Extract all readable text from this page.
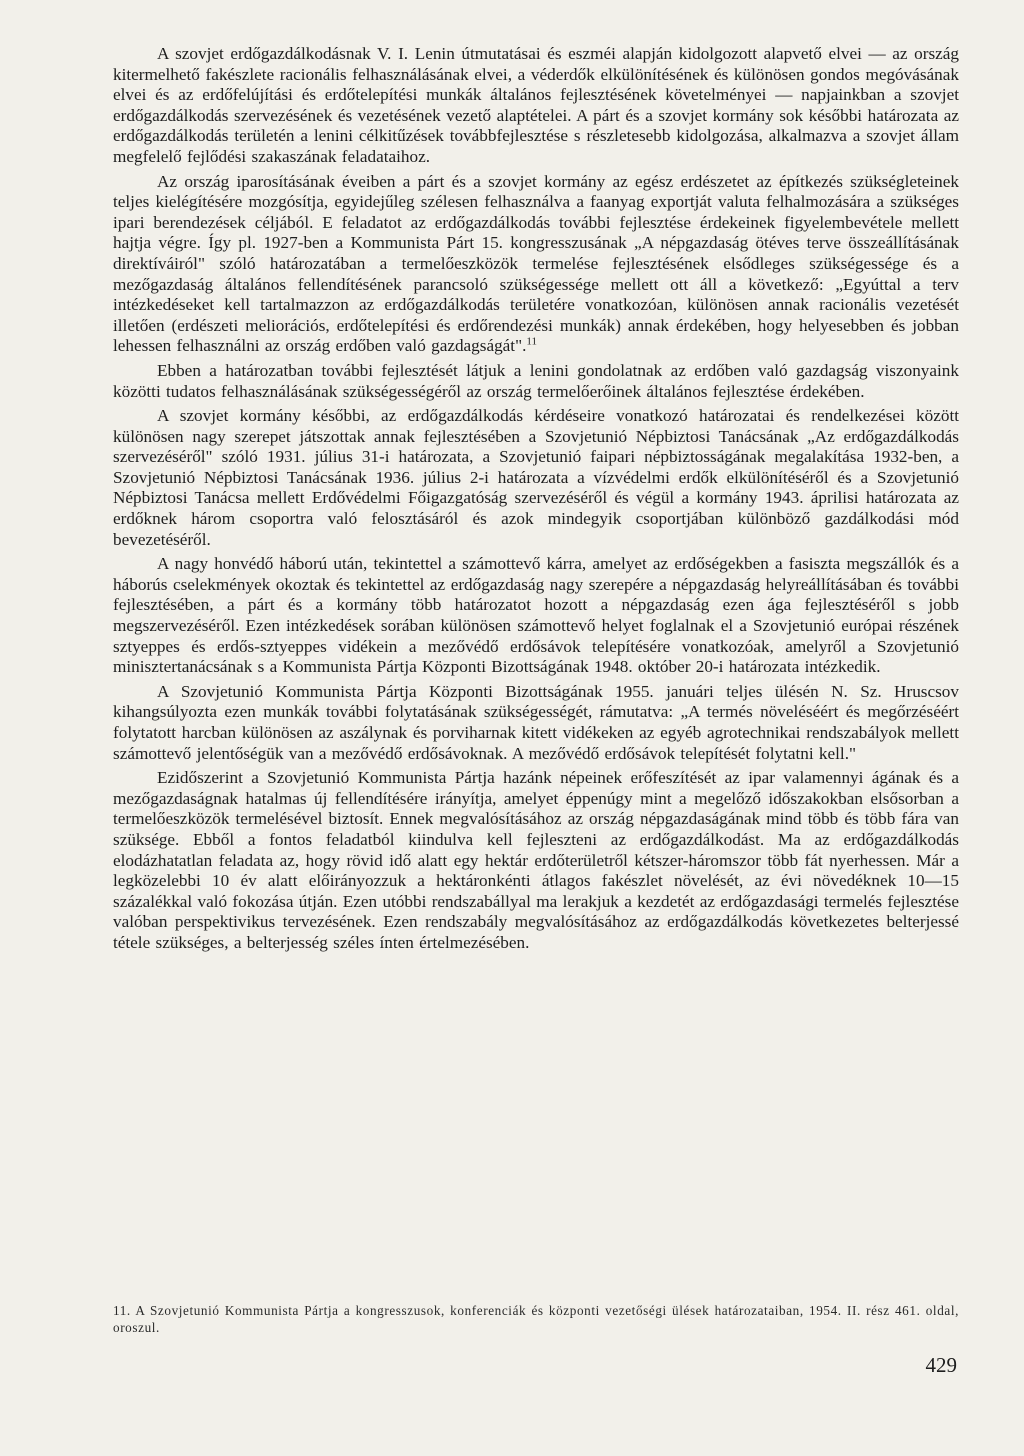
A szovjet erdőgazdálkodásnak V. I. Lenin útmutatásai és eszméi alapján kidolgozott alapvető elvei — az ország kitermelhető fakészlete racionális felhasználásának elvei, a véderdők elkülönítésének és különösen gondos megóvásának elvei és az erdőfelújítási és erdőtelepítési munkák általános fejlesztésének követelményei — napjainkban a szovjet erdőgazdálkodás szervezésének és vezetésének vezető alaptételei. A párt és a szovjet kormány sok későbbi határozata az erdőgazdálkodás területén a lenini célkitűzések továbbfejlesztése s részletesebb kidolgozása, alkalmazva a szovjet állam megfelelő fejlődési szakaszának feladataihoz.

Az ország iparosításának éveiben a párt és a szovjet kormány az egész erdészetet az építkezés szükségleteinek teljes kielégítésére mozgósítja, egyidejűleg szélesen felhasználva a faanyag exportját valuta felhalmozására a szükséges ipari berendezések céljából. E feladatot az erdőgazdálkodás további fejlesztése érdekeinek figyelembevétele mellett hajtja végre. Így pl. 1927-ben a Kommunista Párt 15. kongresszusának „A népgazdaság ötéves terve összeállításának direktíváiról" szóló határozatában a termelőeszközök termelése fejlesztésének elsődleges szükségessége és a mezőgazdaság általános fellendítésének parancsoló szükségessége mellett ott áll a következő: „Egyúttal a terv intézkedéseket kell tartalmazzon az erdőgazdálkodás területére vonatkozóan, különösen annak racionális vezetését illetően (erdészeti meliorációs, erdőtelepítési és erdőrendezési munkák) annak érdekében, hogy helyesebben és jobban lehessen felhasználni az ország erdőben való gazdagságát".$^{11}$

Ebben a határozatban további fejlesztését látjuk a lenini gondolatnak az erdőben való gazdagság viszonyaink közötti tudatos felhasználásának szükségességéről az ország termelőerőinek általános fejlesztése érdekében.

A szovjet kormány későbbi, az erdőgazdálkodás kérdéseire vonatkozó határozatai és rendelkezései között különösen nagy szerepet játszottak annak fejlesztésében a Szovjetunió Népbiztosi Tanácsának „Az erdőgazdálkodás szervezéséről" szóló 1931. július 31-i határozata, a Szovjetunió faipari népbiztosságának megalakítása 1932-ben, a Szovjetunió Népbiztosi Tanácsának 1936. július 2-i határozata a vízvédelmi erdők elkülönítéséről és a Szovjetunió Népbiztosi Tanácsa mellett Erdővédelmi Főigazgatóság szervezéséről és végül a kormány 1943. áprilisi határozata az erdőknek három csoportra való felosztásáról és azok mindegyik csoportjában különböző gazdálkodási mód bevezetéséről.

A nagy honvédő háború után, tekintettel a számottevő kárra, amelyet az erdőségekben a fasiszta megszállók és a háborús cselekmények okoztak és tekintettel az erdőgazdaság nagy szerepére a népgazdaság helyreállításában és további fejlesztésében, a párt és a kormány több határozatot hozott a népgazdaság ezen ága fejlesztéséről s jobb megszervezéséről. Ezen intézkedések sorában különösen számottevő helyet foglalnak el a Szovjetunió európai részének sztyeppes és erdős-sztyeppes vidékein a mezővédő erdősávok telepítésére vonatkozóak, amelyről a Szovjetunió minisztertanácsának s a Kommunista Pártja Központi Bizottságának 1948. október 20-i határozata intézkedik.

A Szovjetunió Kommunista Pártja Központi Bizottságának 1955. januári teljes ülésén N. Sz. Hruscsov kihangsúlyozta ezen munkák további folytatásának szükségességét, rámutatva: „A termés növeléséért és megőrzéséért folytatott harcban különösen az aszálynak és porviharnak kitett vidékeken az egyéb agrotechnikai rendszabályok mellett számottevő jelentőségük van a mezővédő erdősávoknak. A mezővédő erdősávok telepítését folytatni kell."

Ezidőszerint a Szovjetunió Kommunista Pártja hazánk népeinek erőfeszítését az ipar valamennyi ágának és a mezőgazdaságnak hatalmas új fellendítésére irányítja, amelyet éppenúgy mint a megelőző időszakokban elsősorban a termelőeszközök termelésével biztosít. Ennek megvalósításához az ország népgazdaságának mind több és több fára van szüksége. Ebből a fontos feladatból kiindulva kell fejleszteni az erdőgazdálkodást. Ma az erdőgazdálkodás elodázhatatlan feladata az, hogy rövid idő alatt egy hektár erdőterületről kétszer-háromszor több fát nyerhessen. Már a legközelebbi 10 év alatt előirányozzuk a hektáronkénti átlagos fakészlet növelését, az évi növedéknek 10—15 százalékkal való fokozása útján. Ezen utóbbi rendszabállyal ma lerakjuk a kezdetét az erdőgazdasági termelés fejlesztése valóban perspektivikus tervezésének. Ezen rendszabály megvalósításához az erdőgazdálkodás következetes belterjessé tétele szükséges, a belterjesség széles ínten értelmezésében.

11. A Szovjetunió Kommunista Pártja a kongresszusok, konferenciák és központi vezetőségi ülések határozataiban, 1954. II. rész 461. oldal, oroszul.

429
